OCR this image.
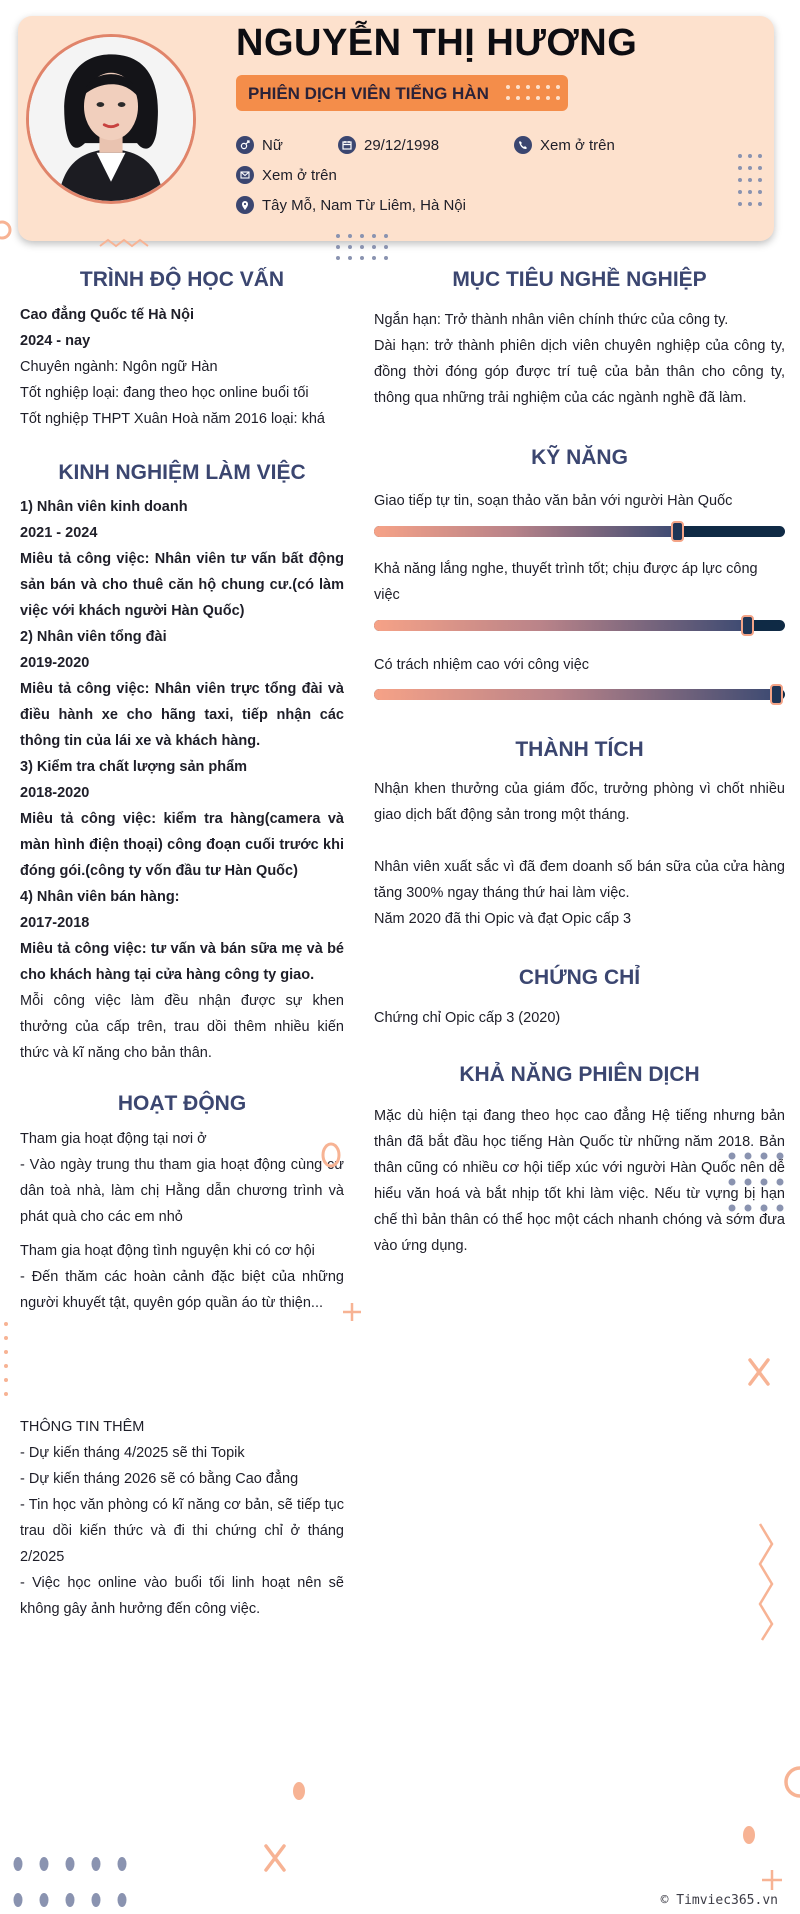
NGUYỄN THỊ HƯƠNG
PHIÊN DỊCH VIÊN TIẾNG HÀN
Nữ	29/12/1998	Xem ở trên
Xem ở trên
Tây Mỗ, Nam Từ Liêm, Hà Nội
TRÌNH ĐỘ HỌC VẤN
Cao đẳng Quốc tế Hà Nội
2024 - nay
Chuyên ngành: Ngôn ngữ Hàn
Tốt nghiệp loại: đang theo học online buổi tối
Tốt nghiệp THPT Xuân Hoà năm 2016 loại: khá
KINH NGHIỆM LÀM VIỆC
1) Nhân viên kinh doanh
2021 - 2024

Miêu tả công việc: Nhân viên tư vấn bất động sản bán và cho thuê căn hộ chung cư.(có làm việc với khách người Hàn Quốc)

2) Nhân viên tổng đài
2019-2020

Miêu tả công việc: Nhân viên trực tổng đài và điều hành xe cho hãng taxi, tiếp nhận các thông tin của lái xe và khách hàng.

3) Kiểm tra chất lượng sản phẩm
2018-2020

Miêu tả công việc: kiểm tra hàng(camera và màn hình điện thoại) công đoạn cuối trước khi đóng gói.(công ty vốn đầu tư Hàn Quốc)

4) Nhân viên bán hàng:
2017-2018

Miêu tả công việc: tư vấn và bán sữa mẹ và bé cho khách hàng tại cửa hàng công ty giao.

Mỗi công việc làm đều nhận được sự khen thưởng của cấp trên, trau dồi thêm nhiều kiến thức và kĩ năng cho bản thân.

HOẠT ĐỘNG
Tham gia hoạt động tại nơi ở

- Vào ngày trung thu tham gia hoạt động cùng cư dân toà nhà, làm chị Hằng dẫn chương trình và phát quà cho các em nhỏ

Tham gia hoạt động tình nguyện khi có cơ hội

- Đến thăm các hoàn cảnh đặc biệt của những người khuyết tật, quyên góp quần áo từ thiện...

THÔNG TIN THÊM

- Dự kiến tháng 4/2025 sẽ thi Topik

- Dự kiến tháng 2026 sẽ có bằng Cao đẳng

- Tin học văn phòng có kĩ năng cơ bản, sẽ tiếp tục trau dồi kiến thức và đi thi chứng chỉ ở tháng 2/2025

- Việc học online vào buổi tối linh hoạt nên sẽ không gây ảnh hưởng đến công việc.

MỤC TIÊU NGHỀ NGHIỆP

Ngắn hạn: Trở thành nhân viên chính thức của công ty.

Dài hạn: trở thành phiên dịch viên chuyên nghiệp của công ty, đồng thời đóng góp được trí tuệ của bản thân cho công ty, thông qua những trải nghiệm của các ngành nghề đã làm.

KỸ NĂNG
Giao tiếp tự tin, soạn thảo văn bản với người Hàn Quốc
Khả năng lắng nghe, thuyết trình tốt; chịu được áp lực công việc
Có trách nhiệm cao với công việc
THÀNH TÍCH

Nhận khen thưởng của giám đốc, trưởng phòng vì chốt nhiều giao dịch bất động sản trong một tháng.

Nhân viên xuất sắc vì đã đem doanh số bán sữa của cửa hàng tăng 300% ngay tháng thứ hai làm việc.

Năm 2020 đã thi Opic và đạt Opic cấp 3

CHỨNG CHỈ

Chứng chỉ Opic cấp 3 (2020)

KHẢ NĂNG PHIÊN DỊCH

Mặc dù hiện tại đang theo học cao đẳng Hệ tiếng nhưng bản thân đã bắt đầu học tiếng Hàn Quốc từ những năm 2018. Bản thân cũng có nhiều cơ hội tiếp xúc với người Hàn Quốc nên dễ hiểu văn hoá và bắt nhịp tốt khi làm việc. Nếu từ vựng bị hạn chế thì bản thân có thể học một cách nhanh chóng và sớm đưa vào ứng dụng.

© Timviec365.vn
